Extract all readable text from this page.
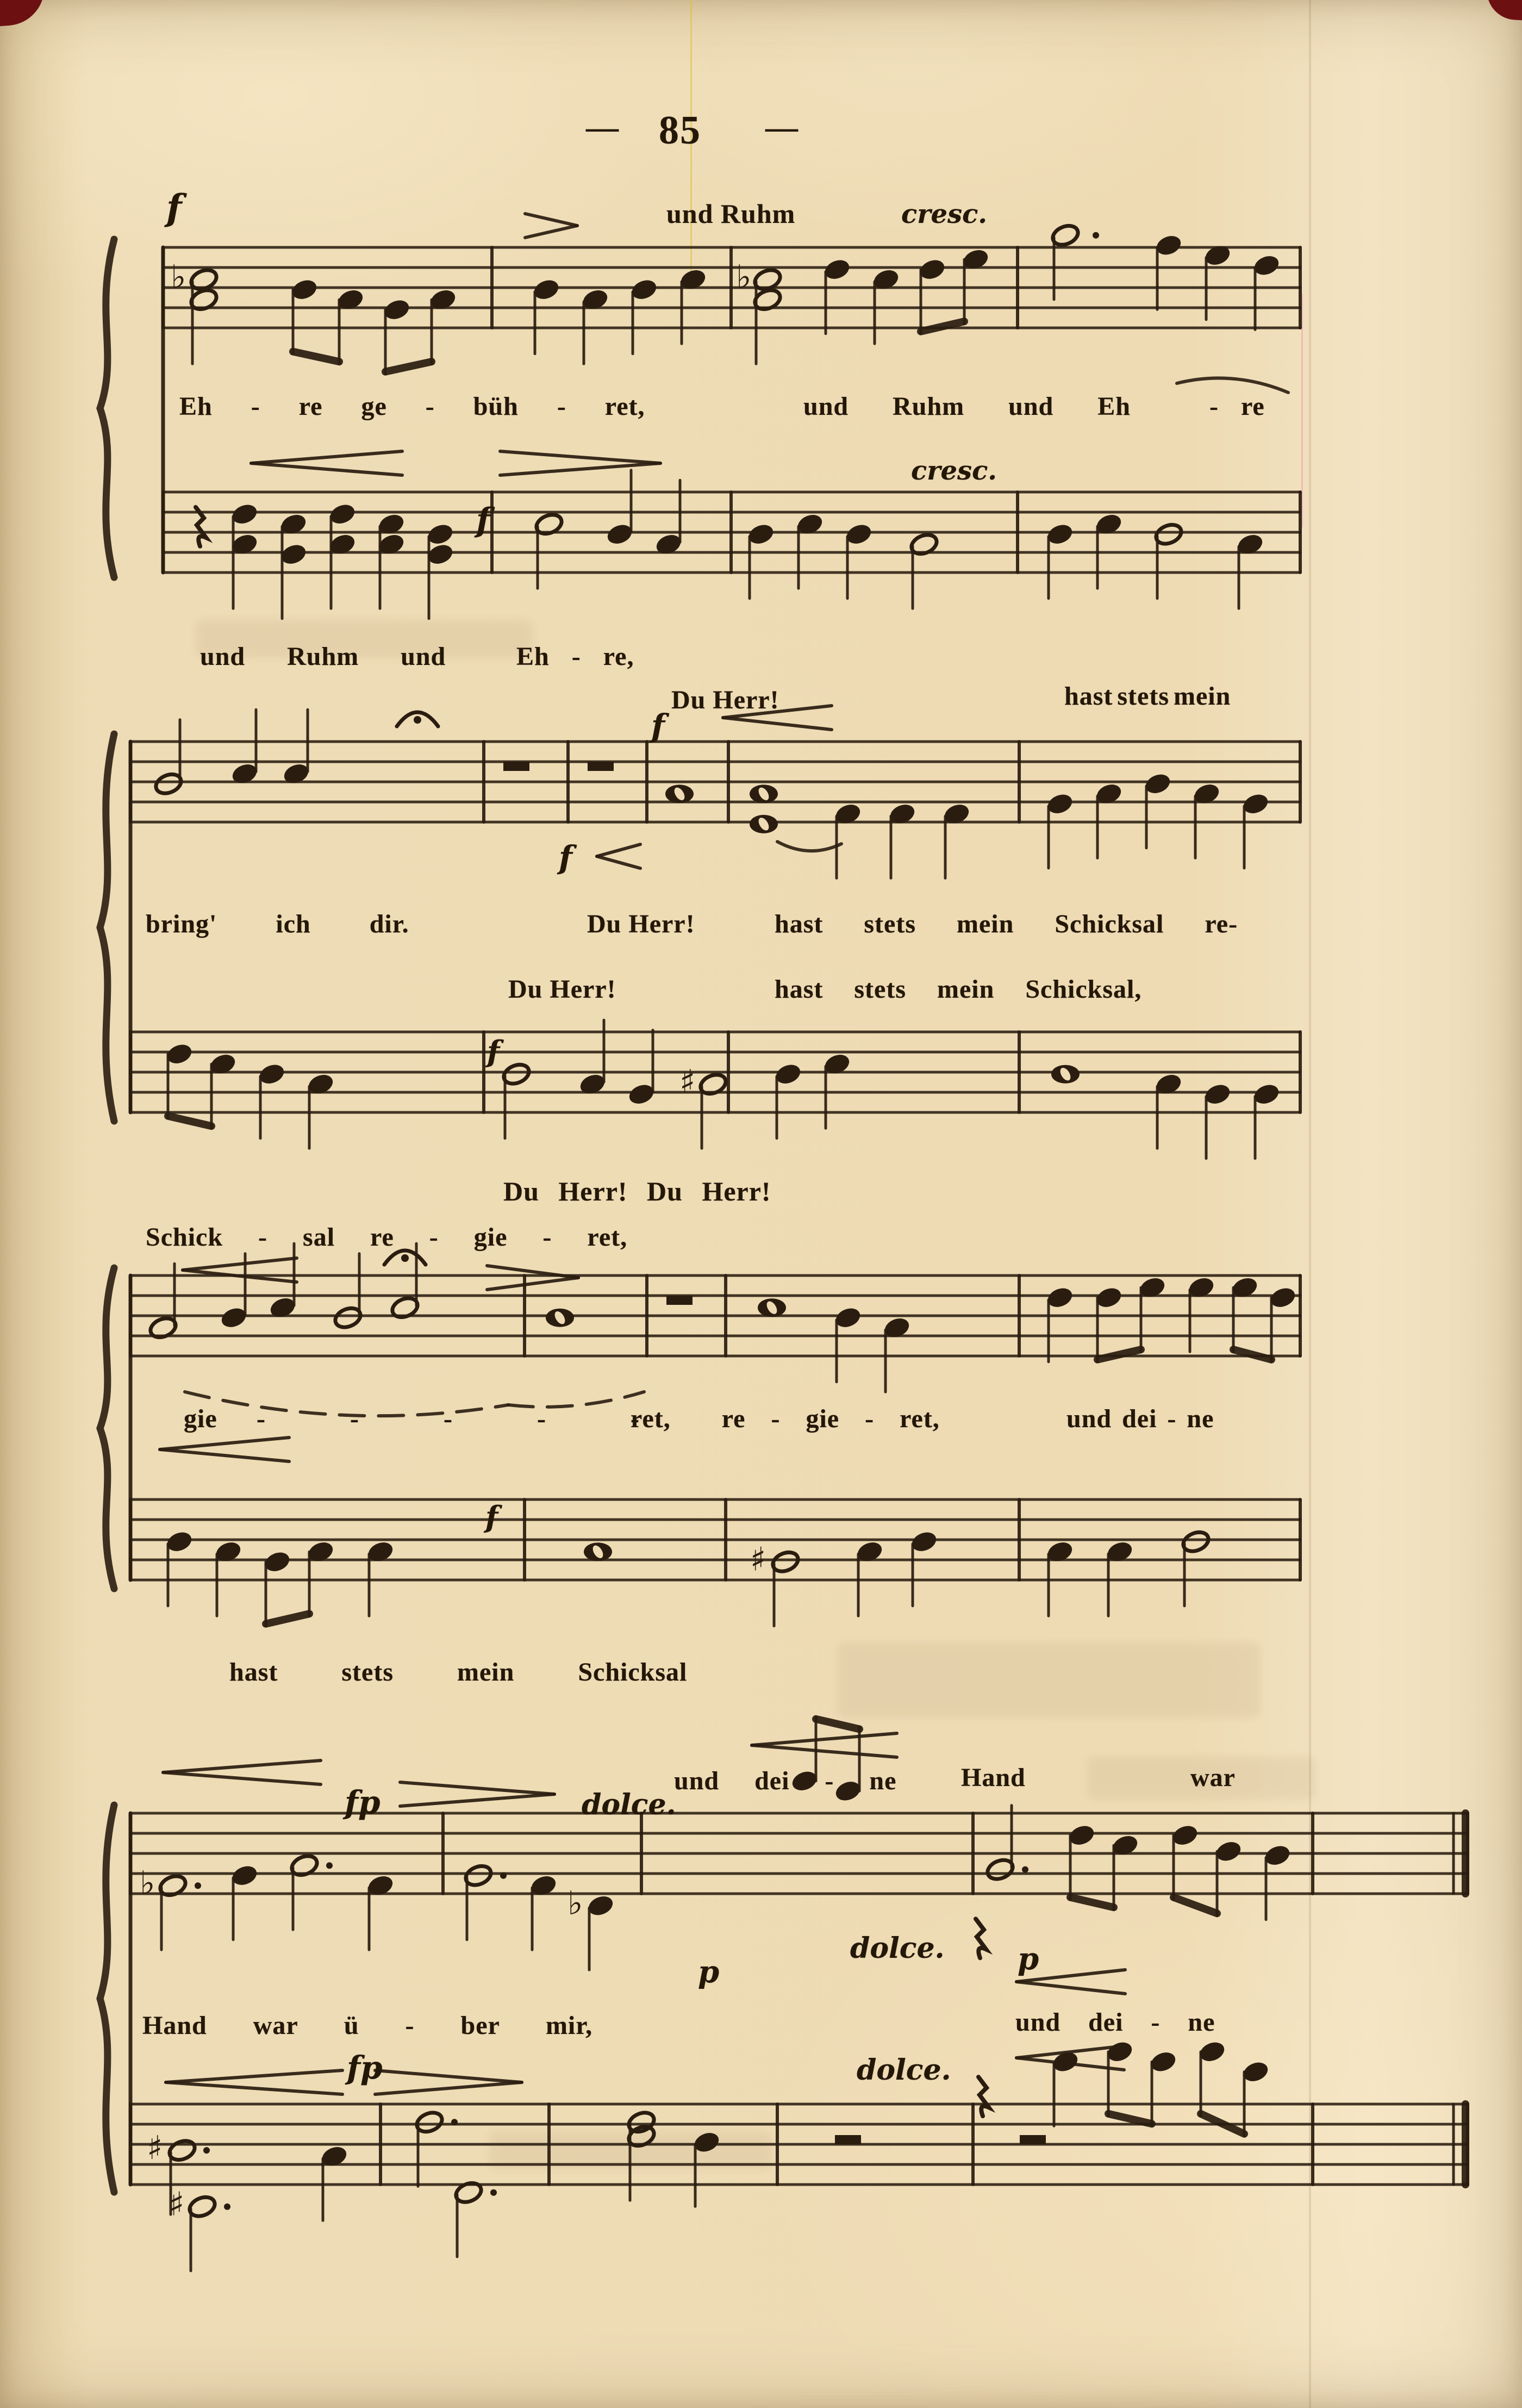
♭	♭
♯
♯
♭
♭
♯
♯
— 85 —
f	und Ruhm	cresc.
Eh - re ge - büh - ret,	und Ruhm und Eh	- re
cresc.
f
und Ruhm und	Eh - re,
Du Herr!	hast stets mein
f
f
bring' ich dir.	Du Herr!	hast stets mein Schicksal re-
Du Herr!	hast stets mein Schicksal,
f
Du Herr! Du Herr!
Schick - sal re - gie - ret,
gie -     -     -     -     -
ret,  re - gie - ret,	und dei - ne
f
hast stets mein Schicksal
fp	dolce.
und dei - ne Hand	war
p
dolce. p
Hand war ü - ber mir,	und dei - ne
dolce.
fp
